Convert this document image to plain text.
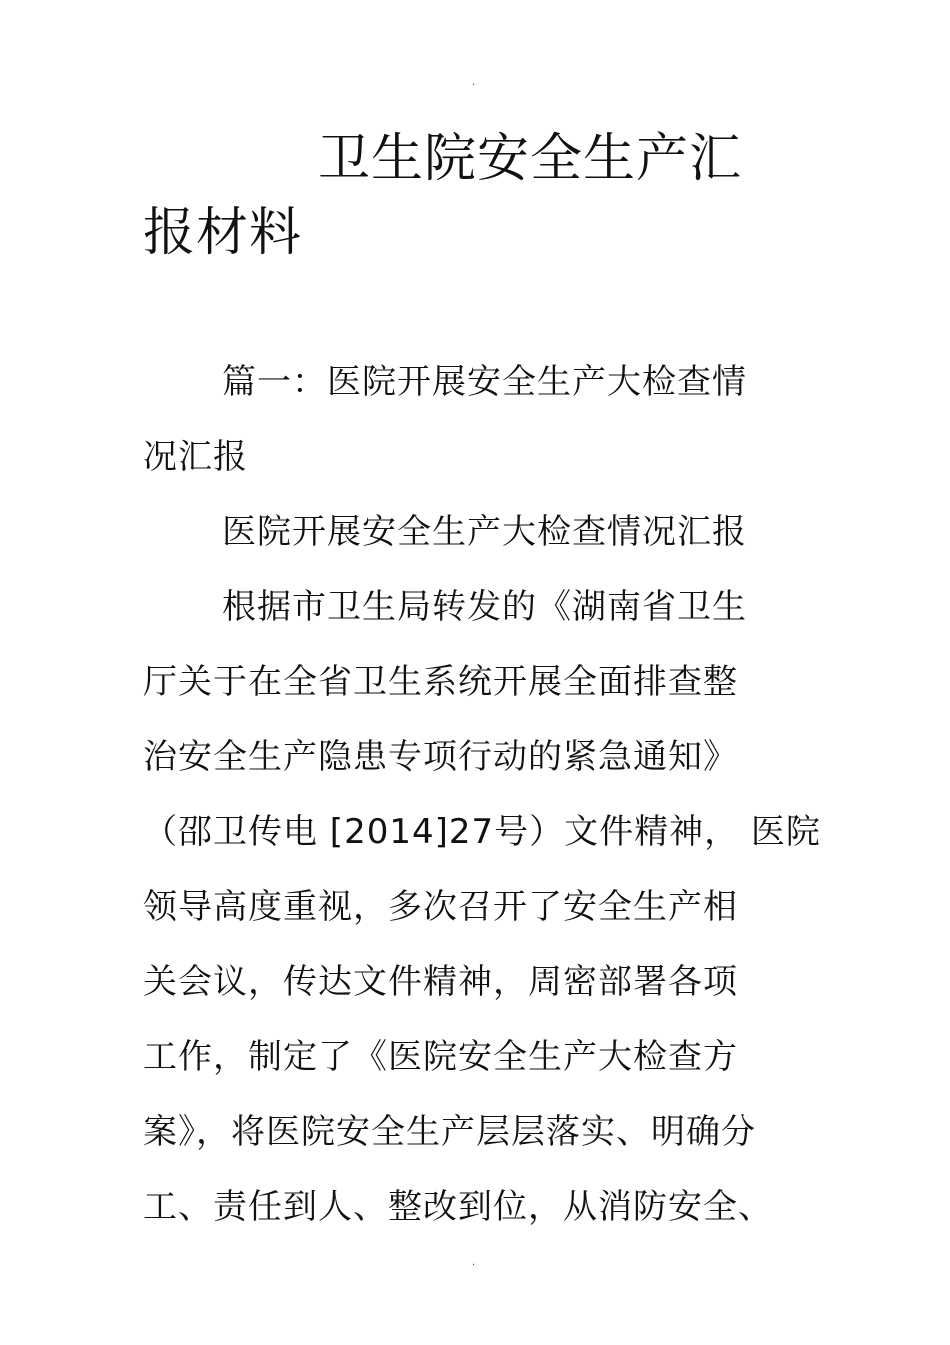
.
卫生院安全生产汇
报材料
篇一：医院开展安全生产大检查情
况汇报
医院开展安全生产大检查情况汇报
根据市卫生局转发的《湖南省卫生
厅关于在全省卫生系统开展全面排查整
治安全生产隐患专项行动的紧急通知》
（邵卫传电 [2014]27号）文件精神， 医院
领导高度重视，多次召开了安全生产相
关会议，传达文件精神，周密部署各项
工作，制定了《医院安全生产大检查方
案》，将医院安全生产层层落实、明确分
工、责任到人、整改到位，从消防安全、
.
